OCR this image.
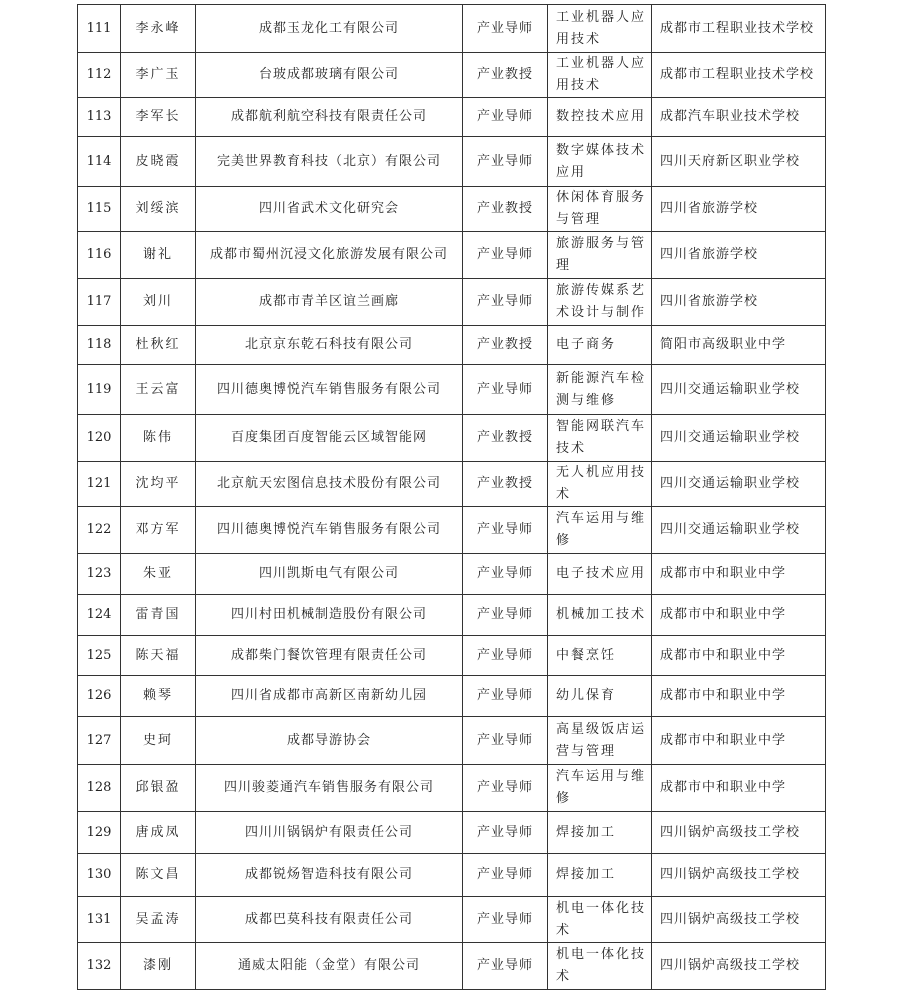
111	李永峰	成都玉龙化工有限公司	产业导师	工业机器人应用技术	成都市工程职业技术学校
112	李广玉	台玻成都玻璃有限公司	产业教授	工业机器人应用技术	成都市工程职业技术学校
113	李军长	成都航利航空科技有限责任公司	产业导师	数控技术应用	成都汽车职业技术学校
114	皮晓霞	完美世界教育科技（北京）有限公司	产业导师	数字媒体技术应用	四川天府新区职业学校
115	刘绥滨	四川省武术文化研究会	产业教授	休闲体育服务与管理	四川省旅游学校
116	谢礼	成都市蜀州沉浸文化旅游发展有限公司	产业导师	旅游服务与管理	四川省旅游学校
117	刘川	成都市青羊区谊兰画廊	产业导师	旅游传媒系艺术设计与制作	四川省旅游学校
118	杜秋红	北京京东乾石科技有限公司	产业教授	电子商务	简阳市高级职业中学
119	王云富	四川德奥博悦汽车销售服务有限公司	产业导师	新能源汽车检测与维修	四川交通运输职业学校
120	陈伟	百度集团百度智能云区域智能网	产业教授	智能网联汽车技术	四川交通运输职业学校
121	沈均平	北京航天宏图信息技术股份有限公司	产业教授	无人机应用技术	四川交通运输职业学校
122	邓方军	四川德奥博悦汽车销售服务有限公司	产业导师	汽车运用与维修	四川交通运输职业学校
123	朱亚	四川凯斯电气有限公司	产业导师	电子技术应用	成都市中和职业中学
124	雷青国	四川村田机械制造股份有限公司	产业导师	机械加工技术	成都市中和职业中学
125	陈天福	成都柴门餐饮管理有限责任公司	产业导师	中餐烹饪	成都市中和职业中学
126	赖琴	四川省成都市高新区南新幼儿园	产业导师	幼儿保育	成都市中和职业中学
127	史珂	成都导游协会	产业导师	高星级饭店运营与管理	成都市中和职业中学
128	邱银盈	四川骏菱通汽车销售服务有限公司	产业导师	汽车运用与维修	成都市中和职业中学
129	唐成凤	四川川锅锅炉有限责任公司	产业导师	焊接加工	四川锅炉高级技工学校
130	陈文昌	成都锐炀智造科技有限公司	产业导师	焊接加工	四川锅炉高级技工学校
131	吴孟涛	成都巴莫科技有限责任公司	产业导师	机电一体化技术	四川锅炉高级技工学校
132	漆刚	通威太阳能（金堂）有限公司	产业导师	机电一体化技术	四川锅炉高级技工学校
